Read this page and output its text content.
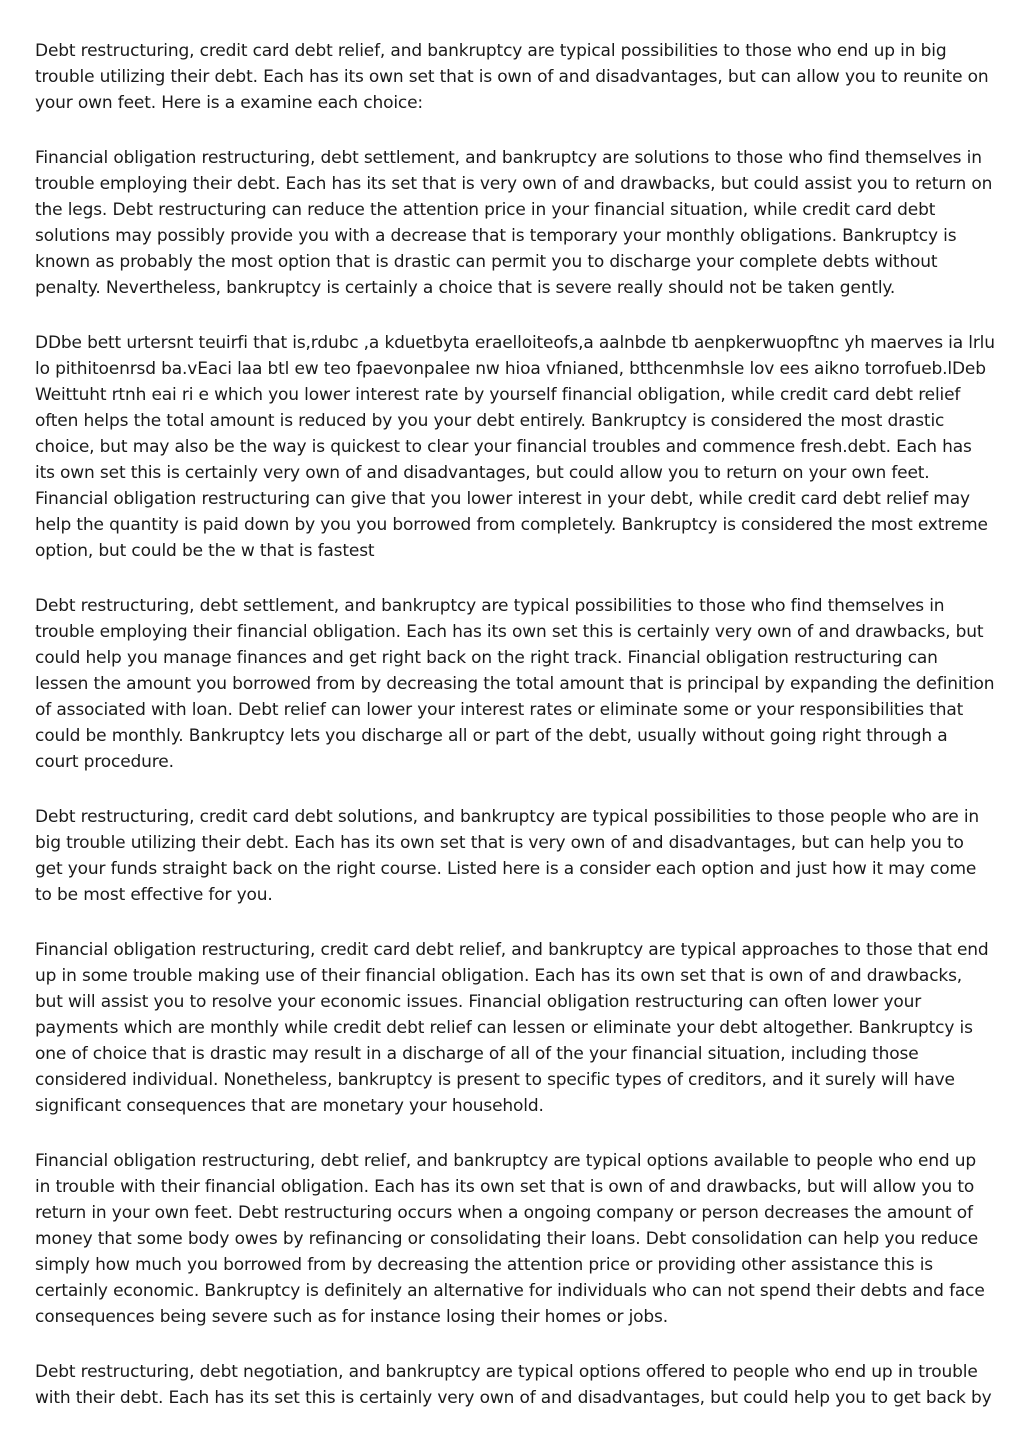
Debt restructuring, credit card debt relief, and bankruptcy are typical possibilities to those who end up in big trouble utilizing their debt. Each has its own set that is own of and disadvantages, but can allow you to reunite on your own feet. Here is a examine each choice:

Financial obligation restructuring, debt settlement, and bankruptcy are solutions to those who find themselves in trouble employing their debt. Each has its set that is very own of and drawbacks, but could assist you to return on the legs. Debt restructuring can reduce the attention price in your financial situation, while credit card debt solutions may possibly provide you with a decrease that is temporary your monthly obligations. Bankruptcy is known as probably the most option that is drastic can permit you to discharge your complete debts without penalty. Nevertheless, bankruptcy is certainly a choice that is severe really should not be taken gently.

DDbe bett urtersnt teuirfi that is,rdubc ,a kduetbyta eraelloiteofs,a aalnbde tb aenpkerwuopftnc yh maerves ia lrlu lo pithitoenrsd ba.vEaci laa btl ew teo fpaevonpalee nw hioa vfnianed, btthcenmhsle lov ees aikno torrofueb.lDeb Weittuht rtnh eai ri e which you lower interest rate by yourself financial obligation, while credit card debt relief often helps the total amount is reduced by you your debt entirely. Bankruptcy is considered the most drastic choice, but may also be the way is quickest to clear your financial troubles and commence fresh.debt. Each has its own set this is certainly very own of and disadvantages, but could allow you to return on your own feet. Financial obligation restructuring can give that you lower interest in your debt, while credit card debt relief may help the quantity is paid down by you you borrowed from completely. Bankruptcy is considered the most extreme option, but could be the w that is fastest

Debt restructuring, debt settlement, and bankruptcy are typical possibilities to those who find themselves in trouble employing their financial obligation. Each has its own set this is certainly very own of and drawbacks, but could help you manage finances and get right back on the right track. Financial obligation restructuring can lessen the amount you borrowed from by decreasing the total amount that is principal by expanding the definition of associated with loan. Debt relief can lower your interest rates or eliminate some or your responsibilities that could be monthly. Bankruptcy lets you discharge all or part of the debt, usually without going right through a court procedure.

Debt restructuring, credit card debt solutions, and bankruptcy are typical possibilities to those people who are in big trouble utilizing their debt. Each has its own set that is very own of and disadvantages, but can help you to get your funds straight back on the right course. Listed here is a consider each option and just how it may come to be most effective for you.

Financial obligation restructuring, credit card debt relief, and bankruptcy are typical approaches to those that end up in some trouble making use of their financial obligation. Each has its own set that is own of and drawbacks, but will assist you to resolve your economic issues. Financial obligation restructuring can often lower your payments which are monthly while credit debt relief can lessen or eliminate your debt altogether. Bankruptcy is one of choice that is drastic may result in a discharge of all of the your financial situation, including those considered individual. Nonetheless, bankruptcy is present to specific types of creditors, and it surely will have significant consequences that are monetary your household.

Financial obligation restructuring, debt relief, and bankruptcy are typical options available to people who end up in trouble with their financial obligation. Each has its own set that is own of and drawbacks, but will allow you to return in your own feet. Debt restructuring occurs when a ongoing company or person decreases the amount of money that some body owes by refinancing or consolidating their loans. Debt consolidation can help you reduce simply how much you borrowed from by decreasing the attention price or providing other assistance this is certainly economic. Bankruptcy is definitely an alternative for individuals who can not spend their debts and face consequences being severe such as for instance losing their homes or jobs.

Debt restructuring, debt negotiation, and bankruptcy are typical options offered to people who end up in trouble with their debt. Each has its set this is certainly very own of and disadvantages, but could help you to get back by
